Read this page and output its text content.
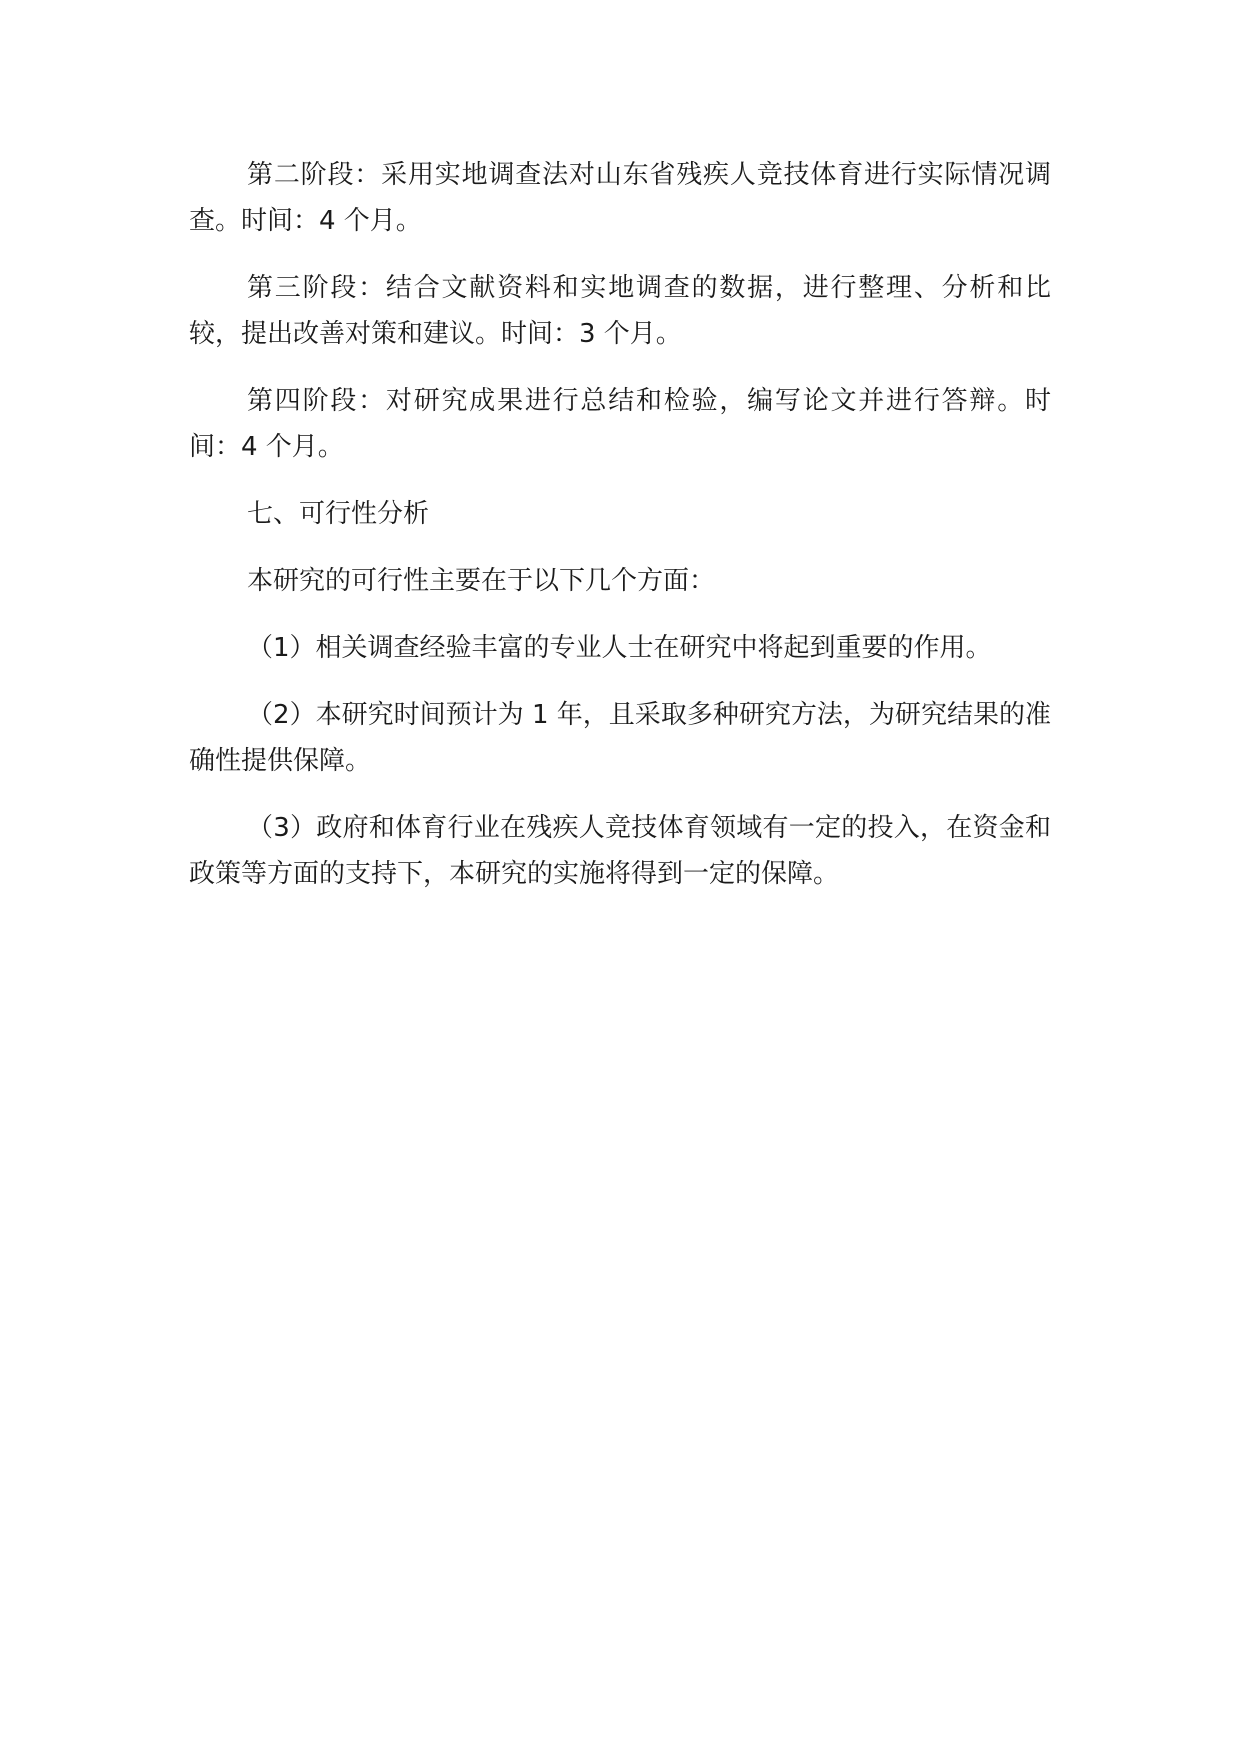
第二阶段：采用实地调查法对山东省残疾人竞技体育进行实际情况调查。时间：4 个月。

第三阶段：结合文献资料和实地调查的数据，进行整理、分析和比较，提出改善对策和建议。时间：3 个月。

第四阶段：对研究成果进行总结和检验，编写论文并进行答辩。时间：4 个月。

七、可行性分析

本研究的可行性主要在于以下几个方面：

（1）相关调查经验丰富的专业人士在研究中将起到重要的作用。

（2）本研究时间预计为 1 年，且采取多种研究方法，为研究结果的准确性提供保障。

（3）政府和体育行业在残疾人竞技体育领域有一定的投入，在资金和政策等方面的支持下，本研究的实施将得到一定的保障。
